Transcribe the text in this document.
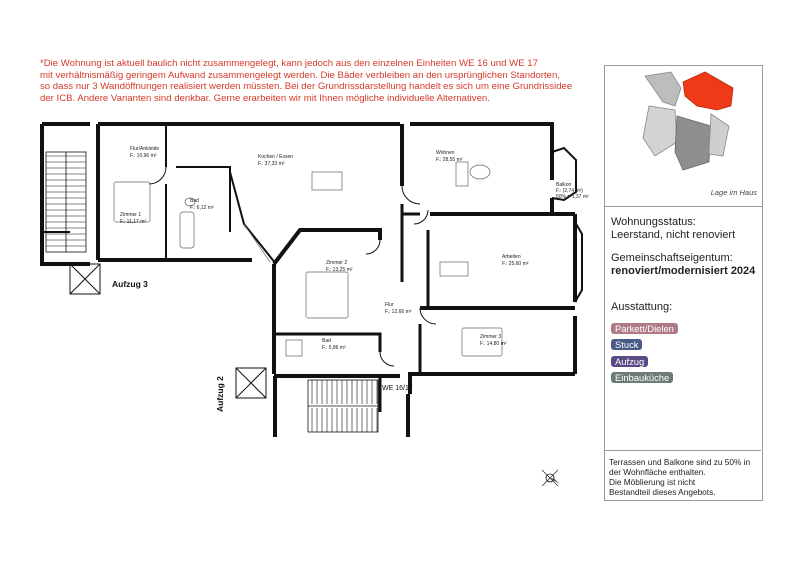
*Die Wohnung ist aktuell baulich nicht zusammengelegt, kann jedoch aus den einzelnen Einheiten WE 16 und WE 17
mit verhältnismäßig geringem Aufwand zusammengelegt werden. Die Bäder verbleiben an den ursprünglichen Standorten,
so dass nur 3 Wandöffnungen realisiert werden müssten. Bei der Grundrissdarstellung handelt es sich um eine Grundrissidee
der ICB. Andere Varianten sind denkbar. Gerne erarbeiten wir mit Ihnen mögliche individuelle Alternativen.
Flur/Ankleide
F.: 10,96 m²	Kochen / Essen
F.: 37,33 m²
Wohnen
F.: 28,55 m²
Zimmer 1
F.: 11,17 m²
Bad
F.: 6,12 m²
Balkon
F.: (2,74 m²)
50% = 1,37 m²
Arbeiten
F.: 25,60 m²
Zimmer 2
F.: 13,25 m²
Flur
F.: 12,66 m²
Bad
F.: 5,86 m²
Zimmer 3
F.: 14,80 m²
Aufzug 3
Aufzug 2	WE 16/17
Lage im Haus
Wohnungsstatus:
Leerstand, nicht renoviert
Gemeinschaftseigentum:
renoviert/modernisiert 2024
Ausstattung:
Parkett/Dielen
Stuck
Aufzug
Einbauküche
Terrassen und Balkone sind zu 50% in
der Wohnfläche enthalten.
Die Möblierung ist nicht
Bestandteil dieses Angebots.
